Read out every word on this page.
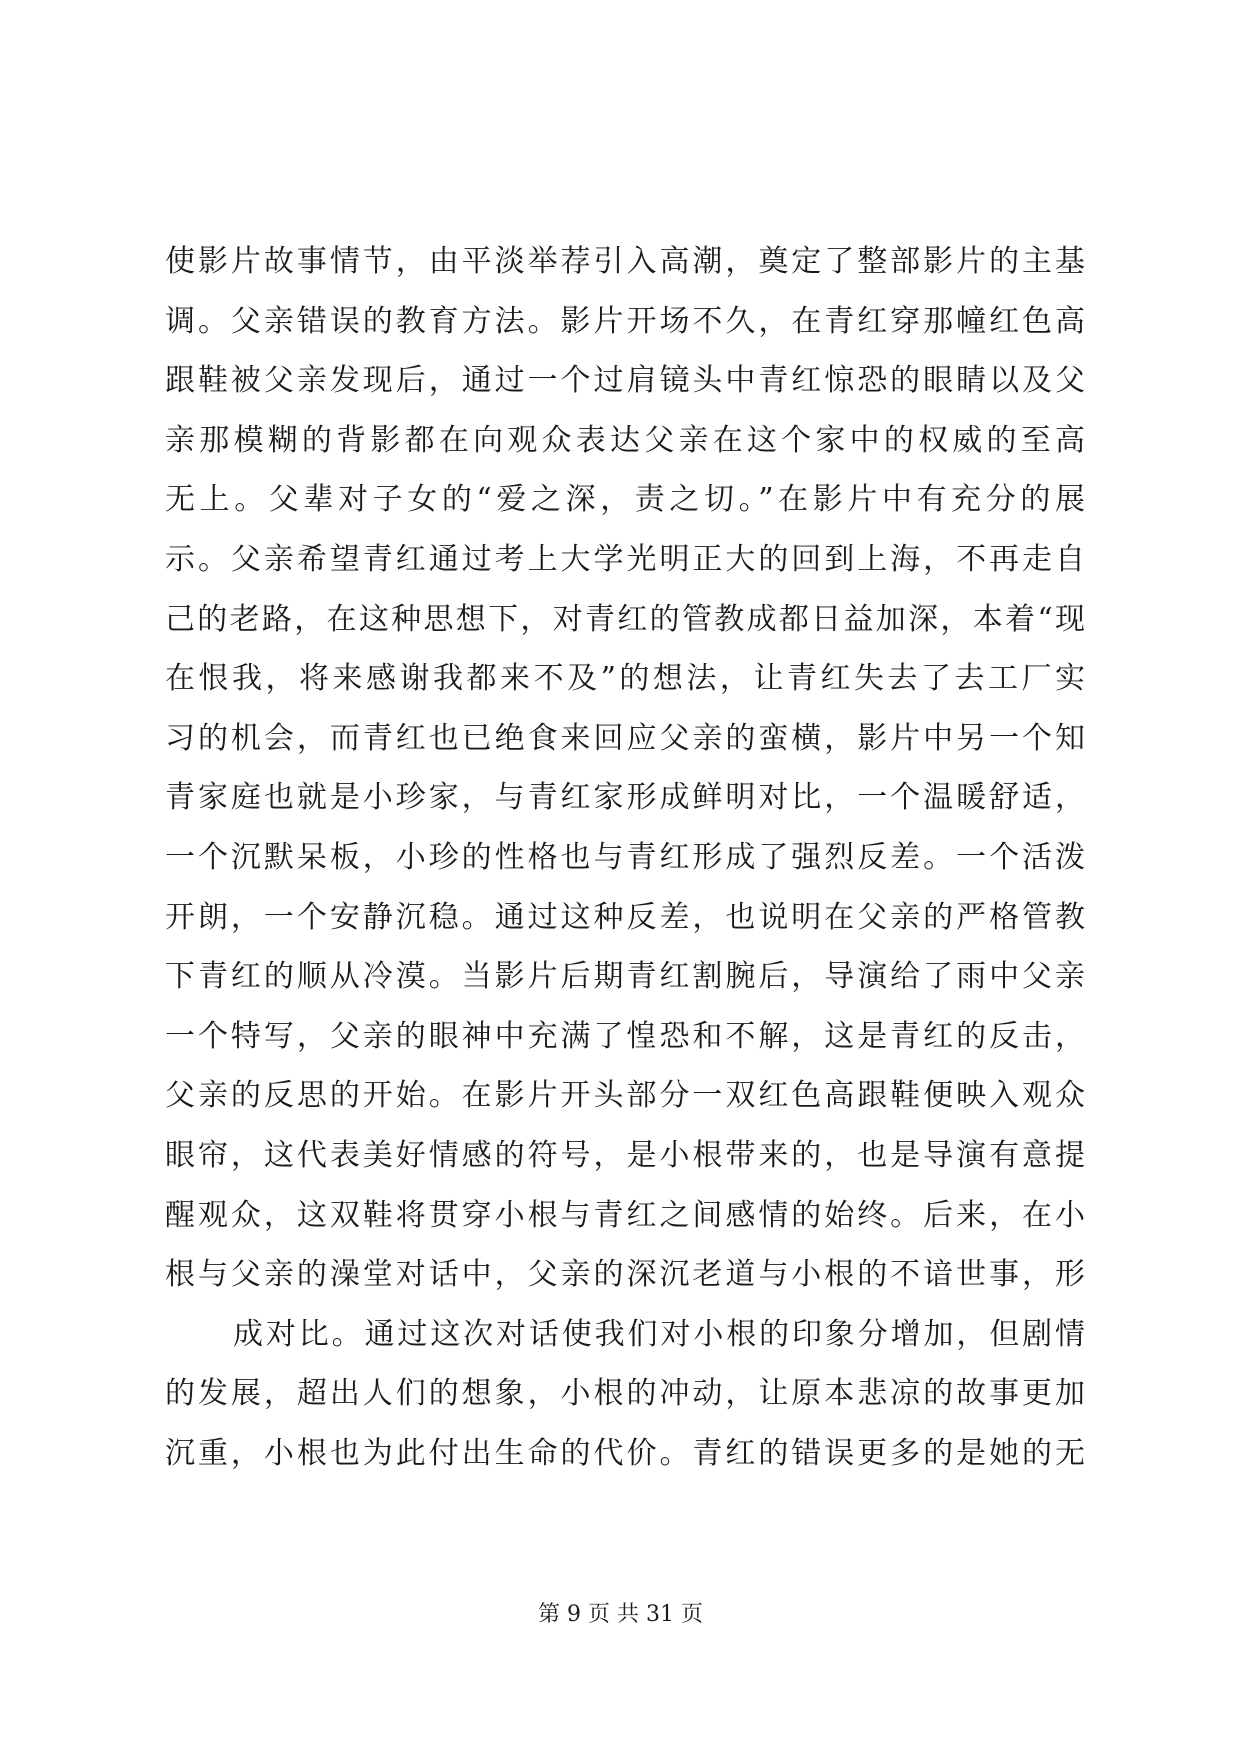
使影片故事情节，由平淡举荐引入高潮，奠定了整部影片的主基
调。父亲错误的教育方法。影片开场不久，在青红穿那幢红色高
跟鞋被父亲发现后，通过一个过肩镜头中青红惊恐的眼睛以及父
亲那模糊的背影都在向观众表达父亲在这个家中的权威的至高
无上。父辈对子女的“爱之深，责之切。”在影片中有充分的展
示。父亲希望青红通过考上大学光明正大的回到上海，不再走自
己的老路，在这种思想下，对青红的管教成都日益加深，本着“现
在恨我，将来感谢我都来不及”的想法，让青红失去了去工厂实
习的机会，而青红也已绝食来回应父亲的蛮横，影片中另一个知
青家庭也就是小珍家，与青红家形成鲜明对比，一个温暖舒适，
一个沉默呆板，小珍的性格也与青红形成了强烈反差。一个活泼
开朗，一个安静沉稳。通过这种反差，也说明在父亲的严格管教
下青红的顺从冷漠。当影片后期青红割腕后，导演给了雨中父亲
一个特写，父亲的眼神中充满了惶恐和不解，这是青红的反击，
父亲的反思的开始。在影片开头部分一双红色高跟鞋便映入观众
眼帘，这代表美好情感的符号，是小根带来的，也是导演有意提
醒观众，这双鞋将贯穿小根与青红之间感情的始终。后来，在小
根与父亲的澡堂对话中，父亲的深沉老道与小根的不谙世事，形
成对比。通过这次对话使我们对小根的印象分增加，但剧情
的发展，超出人们的想象，小根的冲动，让原本悲凉的故事更加
沉重，小根也为此付出生命的代价。青红的错误更多的是她的无
第 9 页 共 31 页
